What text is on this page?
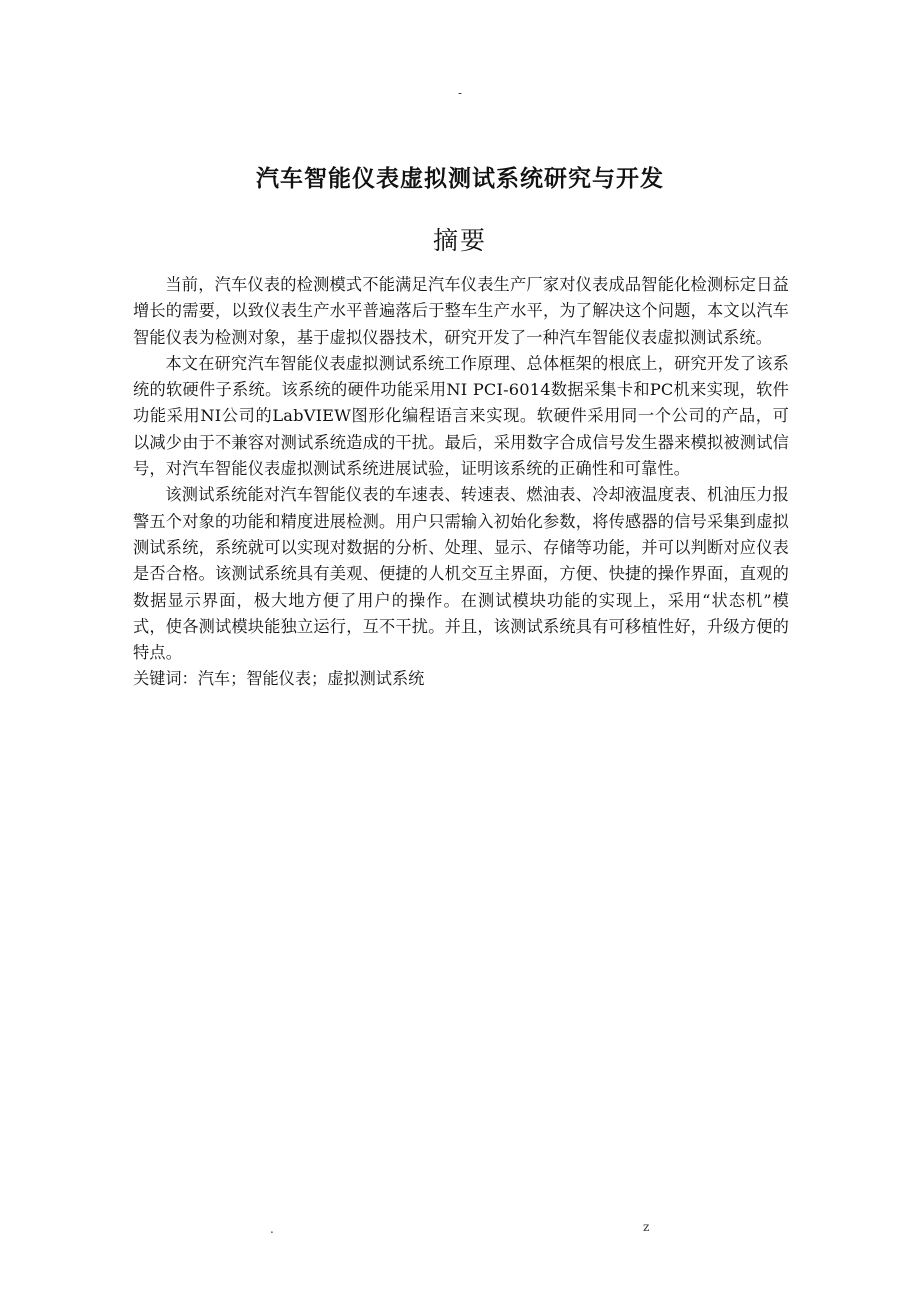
-
汽车智能仪表虚拟测试系统研究与开发
摘要

当前，汽车仪表的检测模式不能满足汽车仪表生产厂家对仪表成品智能化检测标定日益增长的需要，以致仪表生产水平普遍落后于整车生产水平，为了解决这个问题，本文以汽车智能仪表为检测对象，基于虚拟仪器技术，研究开发了一种汽车智能仪表虚拟测试系统。

本文在研究汽车智能仪表虚拟测试系统工作原理、总体框架的根底上，研究开发了该系统的软硬件子系统。该系统的硬件功能采用NI PCI-6014数据采集卡和PC机来实现，软件功能采用NI公司的LabVIEW图形化编程语言来实现。软硬件采用同一个公司的产品，可以减少由于不兼容对测试系统造成的干扰。最后，采用数字合成信号发生器来模拟被测试信号，对汽车智能仪表虚拟测试系统进展试验，证明该系统的正确性和可靠性。

该测试系统能对汽车智能仪表的车速表、转速表、燃油表、冷却液温度表、机油压力报警五个对象的功能和精度进展检测。用户只需输入初始化参数，将传感器的信号采集到虚拟测试系统，系统就可以实现对数据的分析、处理、显示、存储等功能，并可以判断对应仪表是否合格。该测试系统具有美观、便捷的人机交互主界面，方便、快捷的操作界面，直观的数据显示界面，极大地方便了用户的操作。在测试模块功能的实现上，采用“状态机”模式，使各测试模块能独立运行，互不干扰。并且，该测试系统具有可移植性好，升级方便的特点。

关键词：汽车；智能仪表；虚拟测试系统

.	z
